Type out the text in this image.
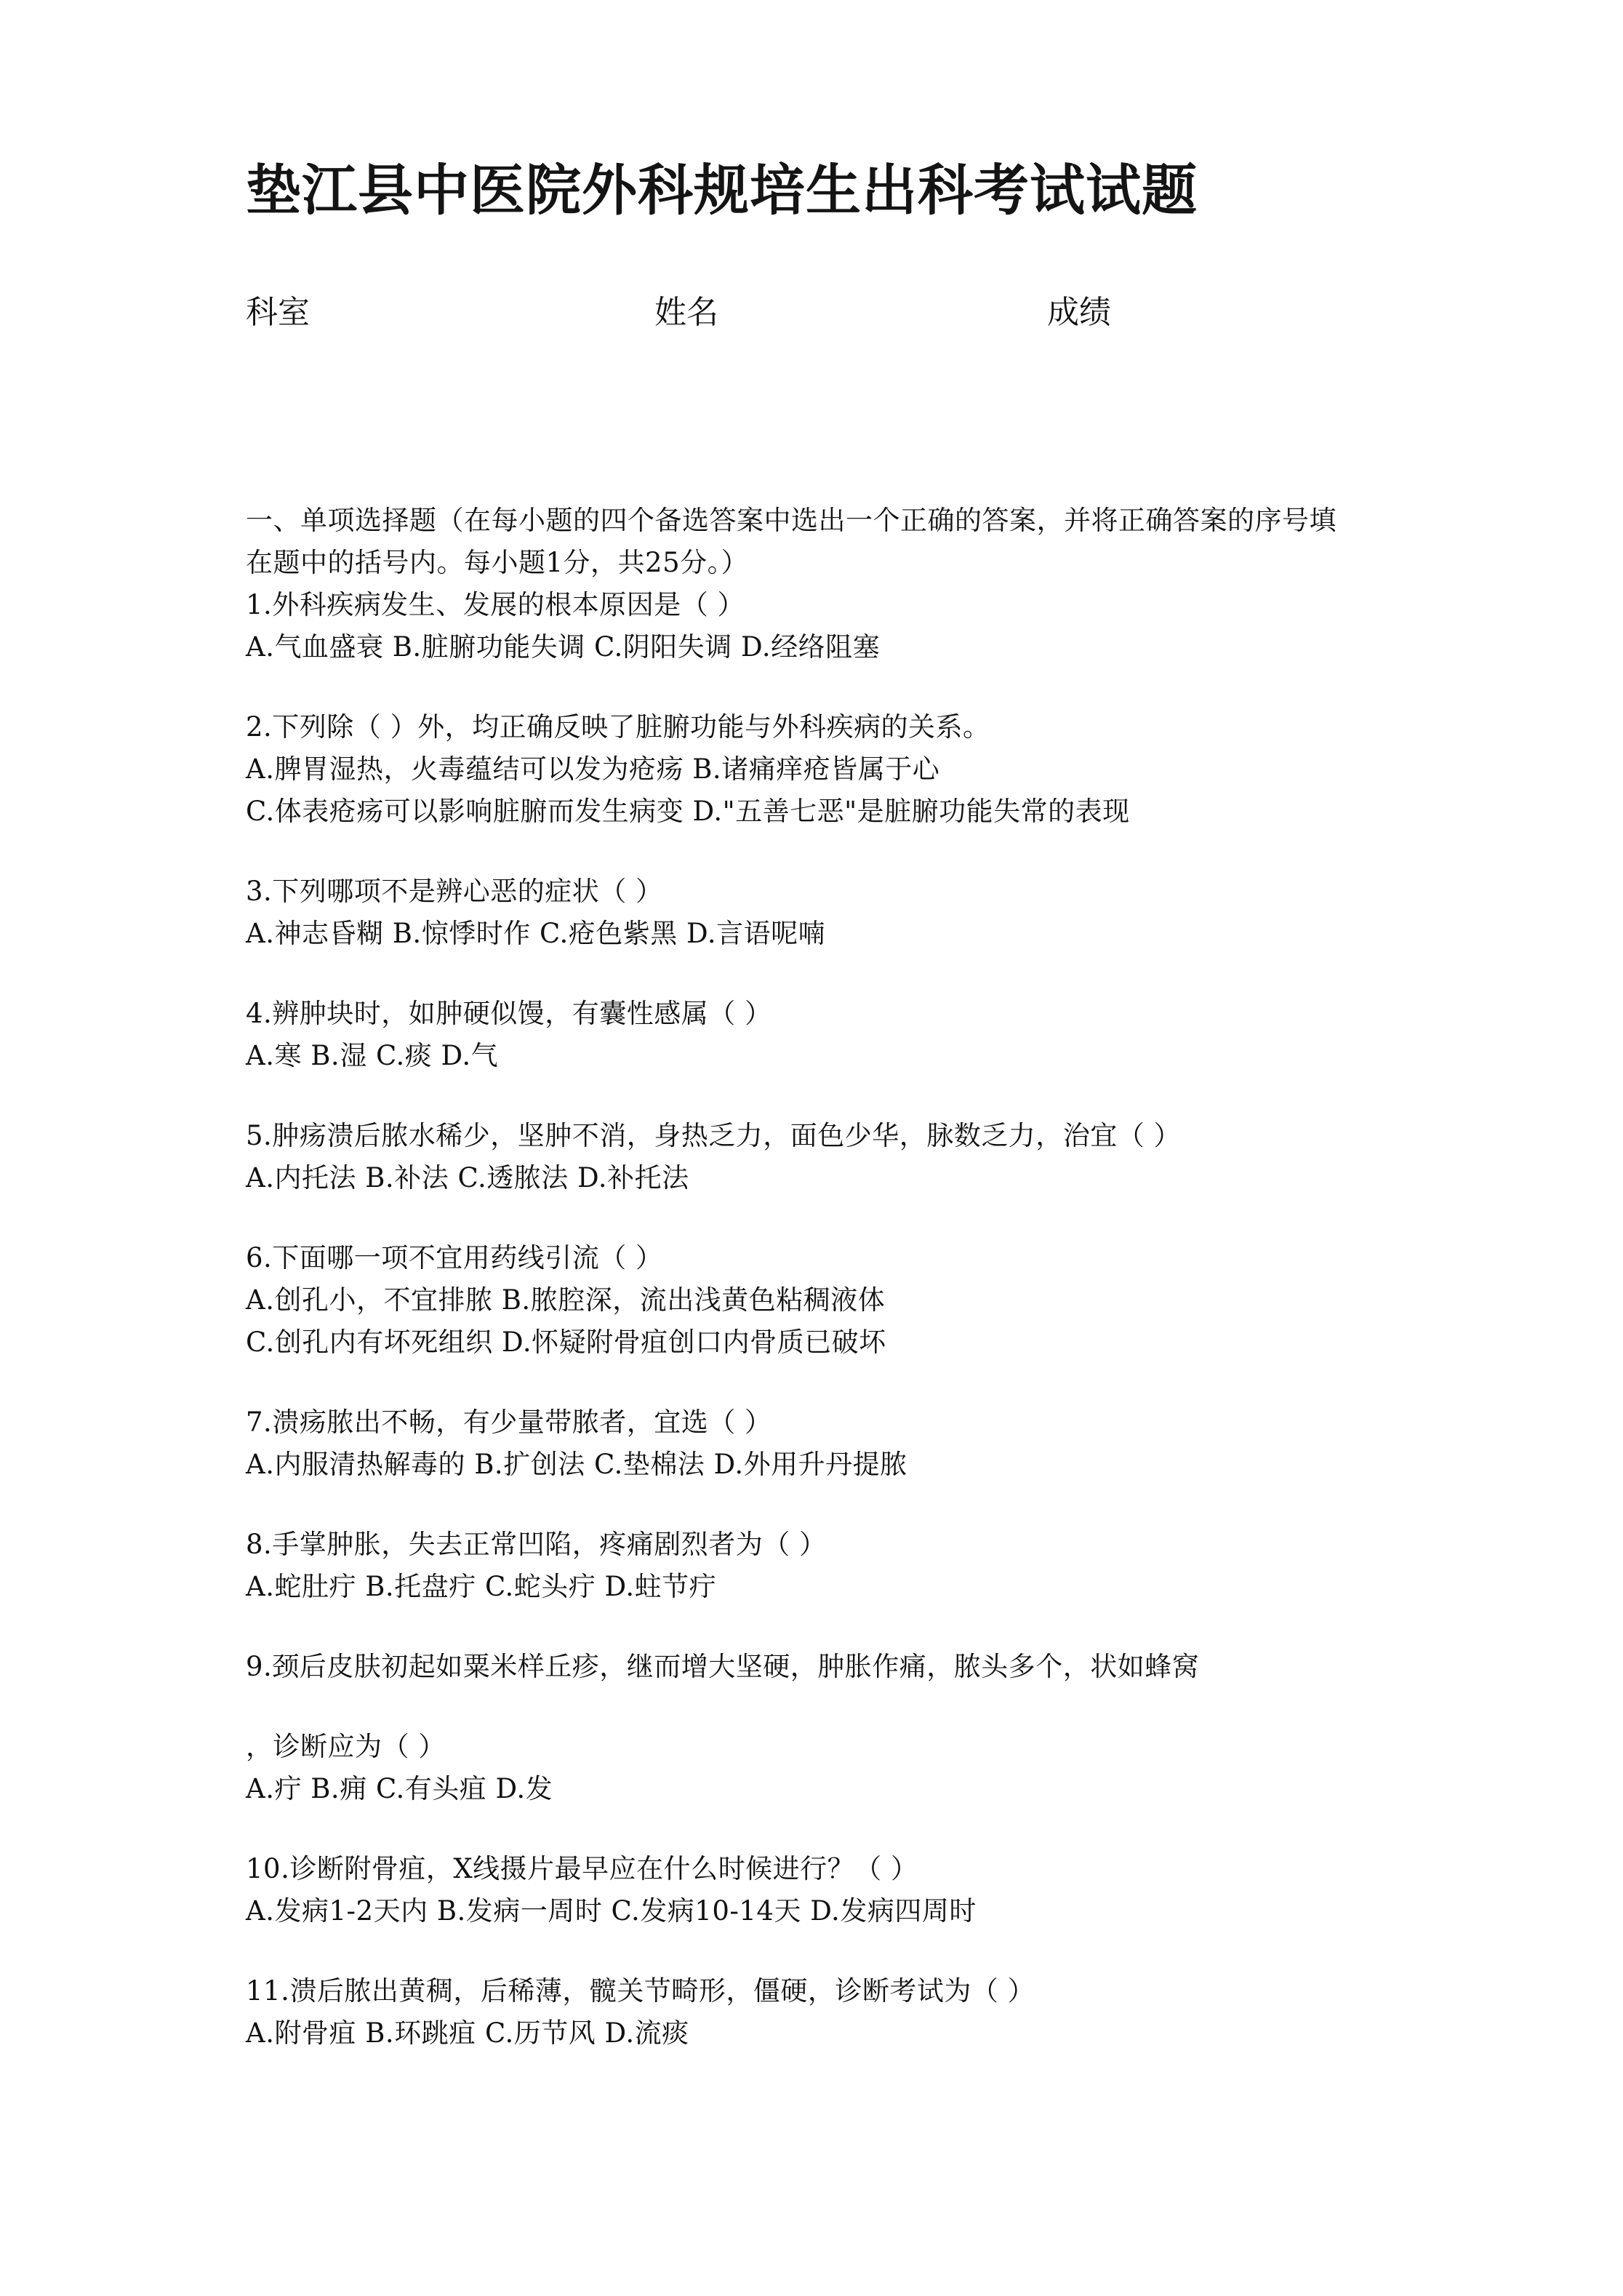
垫江县中医院外科规培生出科考试试题
科室	姓名	成绩
一、单项选择题（在每小题的四个备选答案中选出一个正确的答案，并将正确答案的序号填
在题中的括号内。每小题1分，共25分。）
1.外科疾病发生、发展的根本原因是（ ）
A.气血盛衰 B.脏腑功能失调 C.阴阳失调 D.经络阻塞
2.下列除（ ）外，均正确反映了脏腑功能与外科疾病的关系。
A.脾胃湿热，火毒蕴结可以发为疮疡 B.诸痛痒疮皆属于心
C.体表疮疡可以影响脏腑而发生病变 D."五善七恶"是脏腑功能失常的表现
3.下列哪项不是辨心恶的症状（ ）
A.神志昏糊 B.惊悸时作 C.疮色紫黑 D.言语呢喃
4.辨肿块时，如肿硬似馒，有囊性感属（ ）
A.寒 B.湿 C.痰 D.气
5.肿疡溃后脓水稀少，坚肿不消，身热乏力，面色少华，脉数乏力，治宜（ ）
A.内托法 B.补法 C.透脓法 D.补托法
6.下面哪一项不宜用药线引流（ ）
A.创孔小，不宜排脓 B.脓腔深，流出浅黄色粘稠液体
C.创孔内有坏死组织 D.怀疑附骨疽创口内骨质已破坏
7.溃疡脓出不畅，有少量带脓者，宜选（ ）
A.内服清热解毒的 B.扩创法 C.垫棉法 D.外用升丹提脓
8.手掌肿胀，失去正常凹陷，疼痛剧烈者为（ ）
A.蛇肚疔 B.托盘疔 C.蛇头疔 D.蛀节疔
9.颈后皮肤初起如粟米样丘疹，继而增大坚硬，肿胀作痛，脓头多个，状如蜂窝
，诊断应为（ ）
A.疔 B.痈 C.有头疽 D.发
10.诊断附骨疽，X线摄片最早应在什么时候进行？（ ）
A.发病1-2天内 B.发病一周时 C.发病10-14天 D.发病四周时
11.溃后脓出黄稠，后稀薄，髋关节畸形，僵硬，诊断考试为（ ）
A.附骨疽 B.环跳疽 C.历节风 D.流痰
